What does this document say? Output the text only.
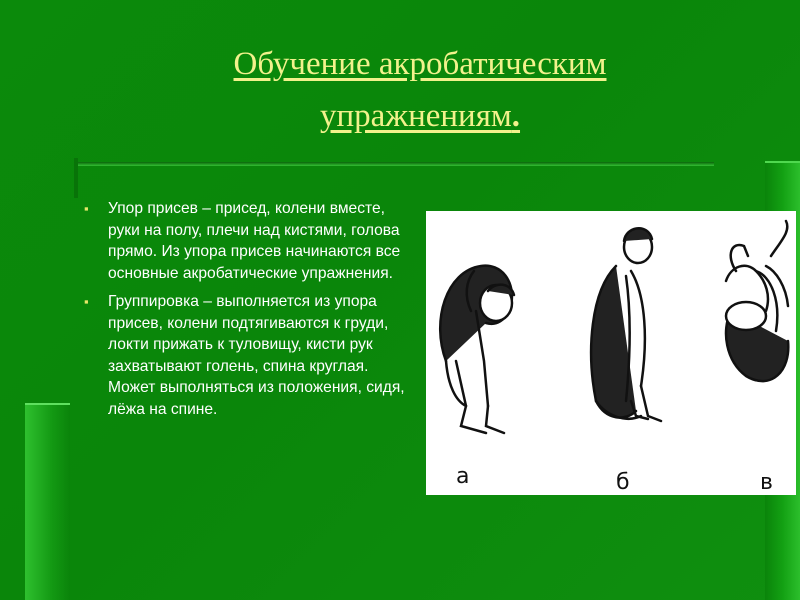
Обучение акробатическим
упражнениям.
▪ Упор присев – присед, колени вместе, руки на полу, плечи над кистями, голова прямо. Из упора присев начинаются все основные акробатические упражнения.
▪ Группировка – выполняется из упора присев, колени подтягиваются к груди, локти прижать к туловищу, кисти рук захватывают голень, спина круглая. Может выполняться из положения, сидя, лёжа на спине.
а	б	в
